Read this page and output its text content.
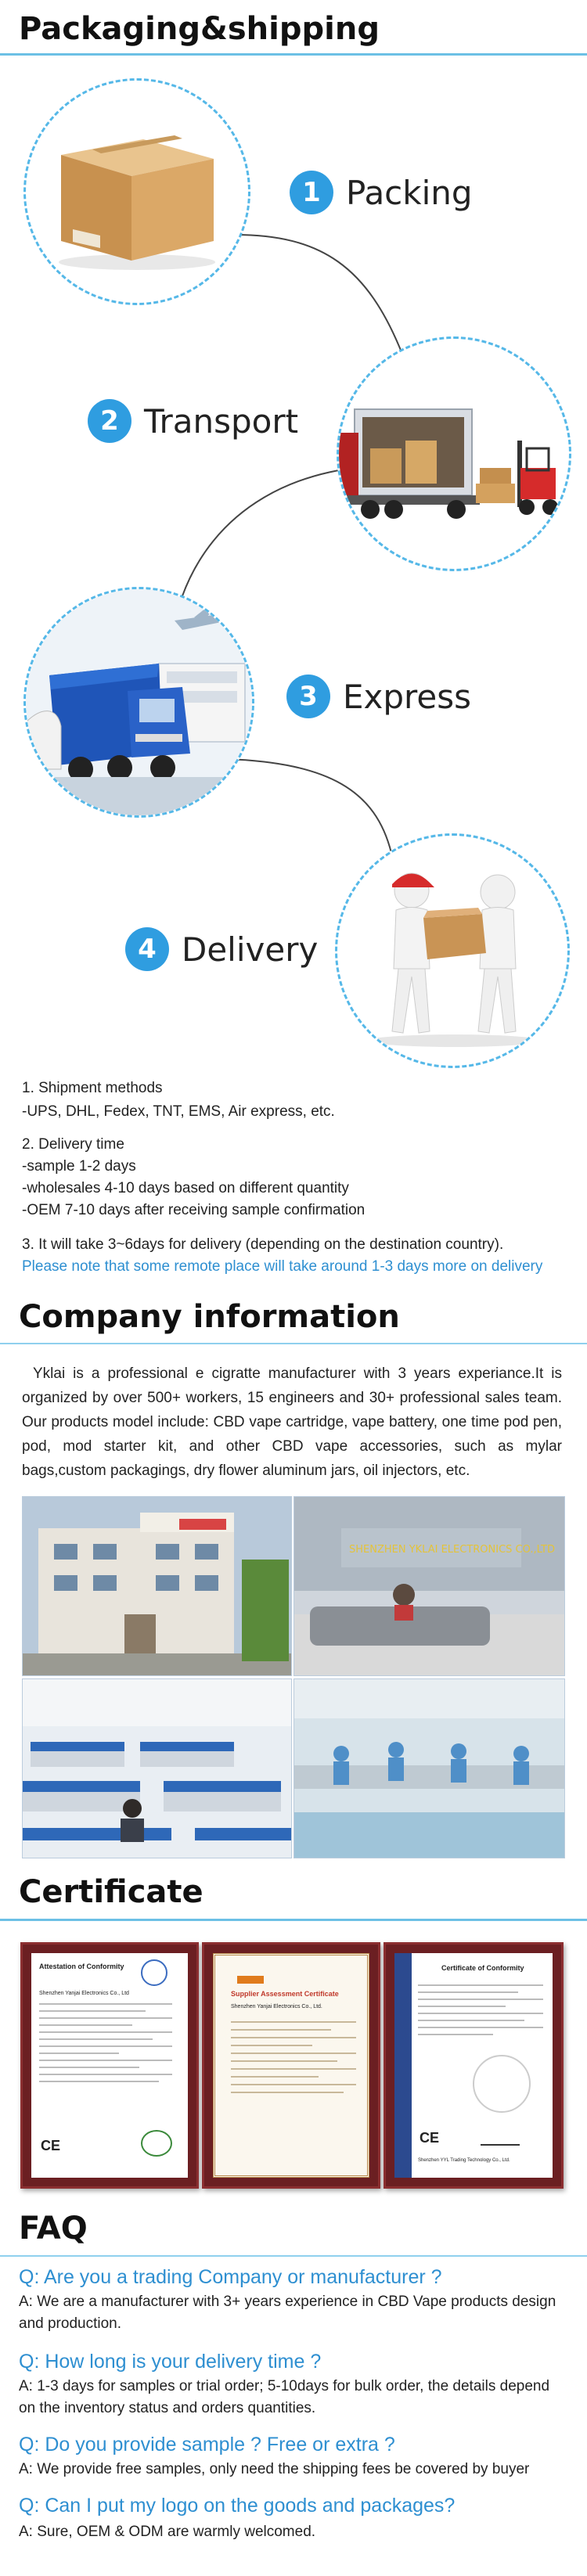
Packaging&shipping
1 Packing
2 Transport
3 Express
4 Delivery
1. Shipment methods
-UPS, DHL, Fedex, TNT, EMS, Air express, etc.
2. Delivery time
-sample 1-2 days
-wholesales 4-10 days based on different quantity
-OEM 7-10 days after receiving sample confirmation
3. It will take 3~6days for delivery (depending on the destination country).
Please note that some remote place will take around 1-3 days more on delivery
Company information
Yklai is a professional e cigratte manufacturer with 3 years experiance.It is organized by over 500+ workers, 15 engineers and 30+ professional sales team. Our products model include: CBD vape cartridge, vape battery, one time pod pen, pod, mod starter kit, and other CBD vape accessories, such as mylar bags,custom packagings, dry flower aluminum jars, oil injectors, etc.
SHENZHEN YKLAI ELECTRONICS CO.,LTD
Certificate
Attestation of Conformity
Shenzhen Yanjai Electronics Co., Ltd
CE
Supplier Assessment Certificate
Shenzhen Yanjai Electronics Co., Ltd.
Certificate of Conformity
CE
Shenzhen YYL Trading Technology Co., Ltd.
FAQ
Q: Are you a trading Company or manufacturer ?
A: We are a manufacturer with 3+ years experience in CBD Vape products design and production.
Q: How long is your delivery time ?
A: 1-3 days for samples or trial order; 5-10days for bulk order, the details depend on the inventory status and orders quantities.
Q: Do you provide sample ? Free or extra ?
A: We provide free samples, only need the shipping fees be covered by buyer
Q: Can I put my logo on the goods and packages?
A: Sure, OEM & ODM are warmly welcomed.
